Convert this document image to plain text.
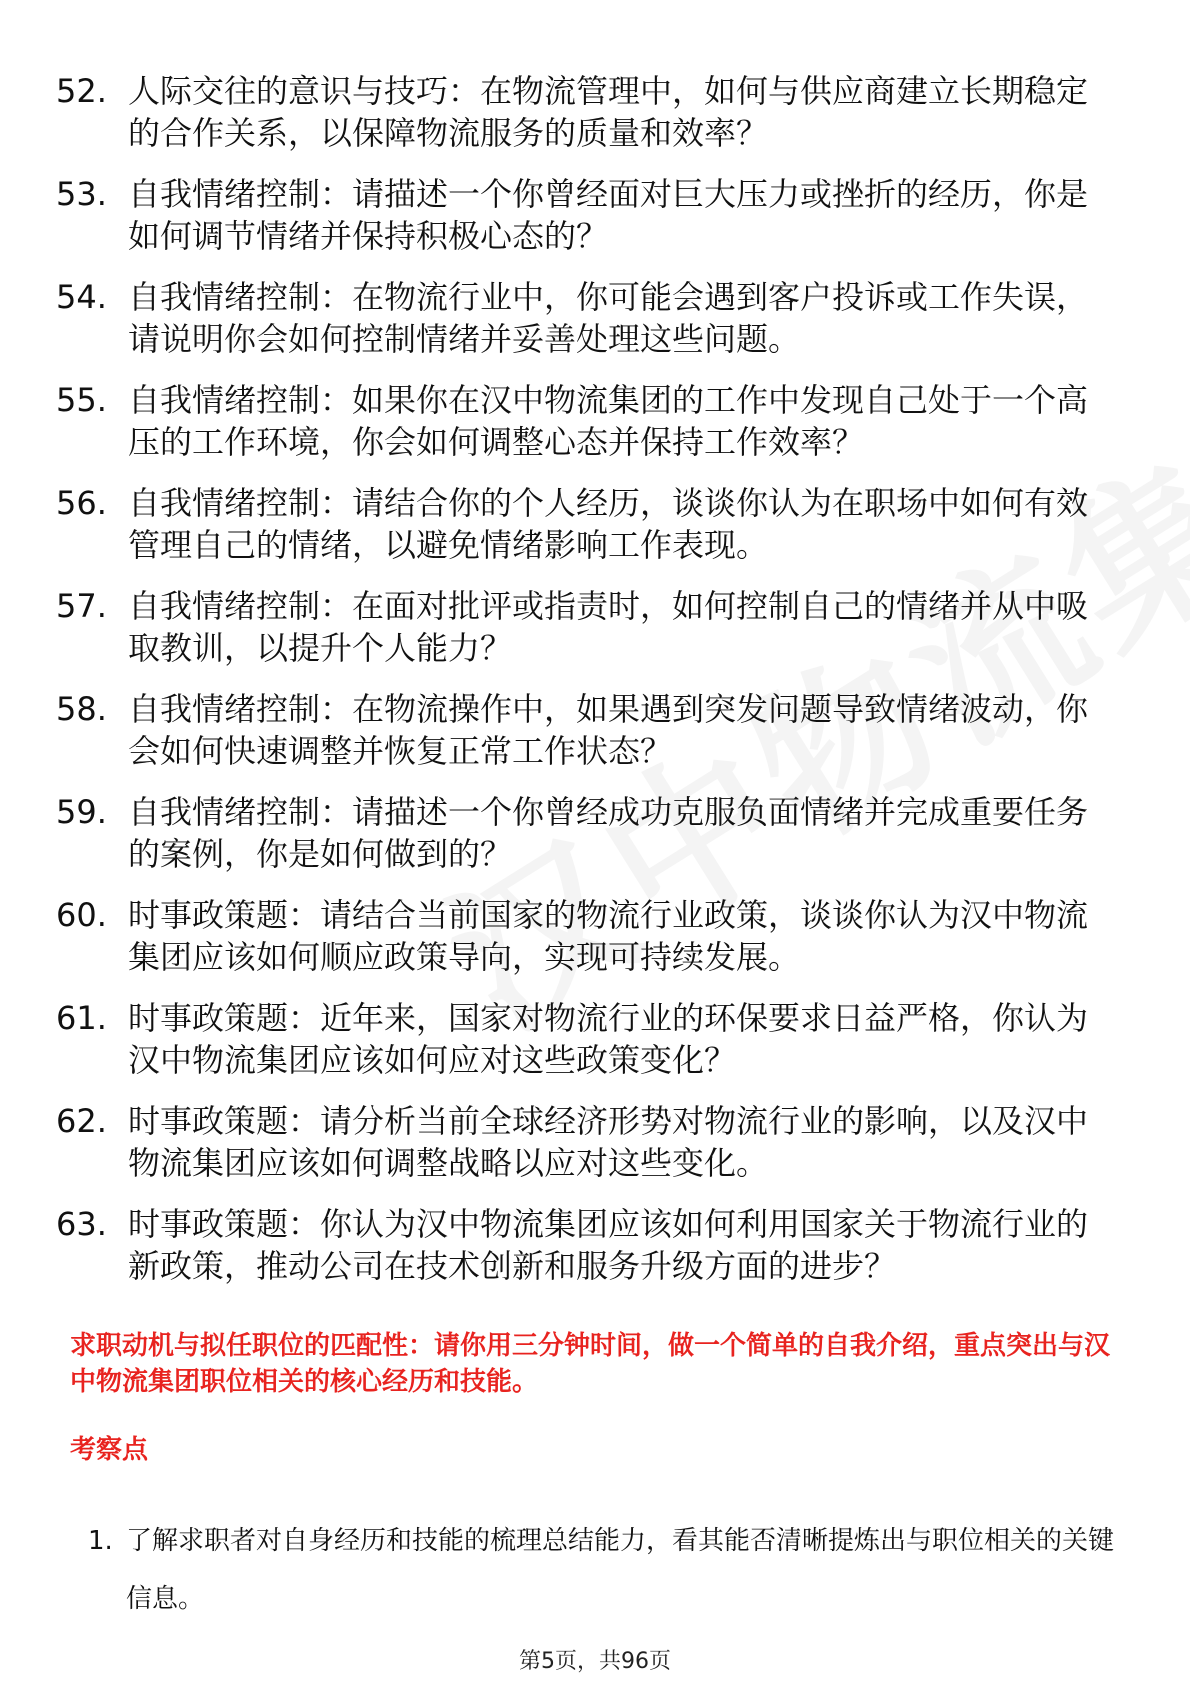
52. 人际交往的意识与技巧：在物流管理中，如何与供应商建立长期稳定的合作关系，以保障物流服务的质量和效率？
53. 自我情绪控制：请描述一个你曾经面对巨大压力或挫折的经历，你是如何调节情绪并保持积极心态的？
54. 自我情绪控制：在物流行业中，你可能会遇到客户投诉或工作失误，请说明你会如何控制情绪并妥善处理这些问题。
55. 自我情绪控制：如果你在汉中物流集团的工作中发现自己处于一个高压的工作环境，你会如何调整心态并保持工作效率？
56. 自我情绪控制：请结合你的个人经历，谈谈你认为在职场中如何有效管理自己的情绪，以避免情绪影响工作表现。
57. 自我情绪控制：在面对批评或指责时，如何控制自己的情绪并从中吸取教训，以提升个人能力？
58. 自我情绪控制：在物流操作中，如果遇到突发问题导致情绪波动，你会如何快速调整并恢复正常工作状态？
59. 自我情绪控制：请描述一个你曾经成功克服负面情绪并完成重要任务的案例，你是如何做到的？
60. 时事政策题：请结合当前国家的物流行业政策，谈谈你认为汉中物流集团应该如何顺应政策导向，实现可持续发展。
61. 时事政策题：近年来，国家对物流行业的环保要求日益严格，你认为汉中物流集团应该如何应对这些政策变化？
62. 时事政策题：请分析当前全球经济形势对物流行业的影响，以及汉中物流集团应该如何调整战略以应对这些变化。
63. 时事政策题：你认为汉中物流集团应该如何利用国家关于物流行业的新政策，推动公司在技术创新和服务升级方面的进步？

求职动机与拟任职位的匹配性：请你用三分钟时间，做一个简单的自我介绍，重点突出与汉中物流集团职位相关的核心经历和技能。

考察点

1. 了解求职者对自身经历和技能的梳理总结能力，看其能否清晰提炼出与职位相关的关键信息。
第5页，共96页
